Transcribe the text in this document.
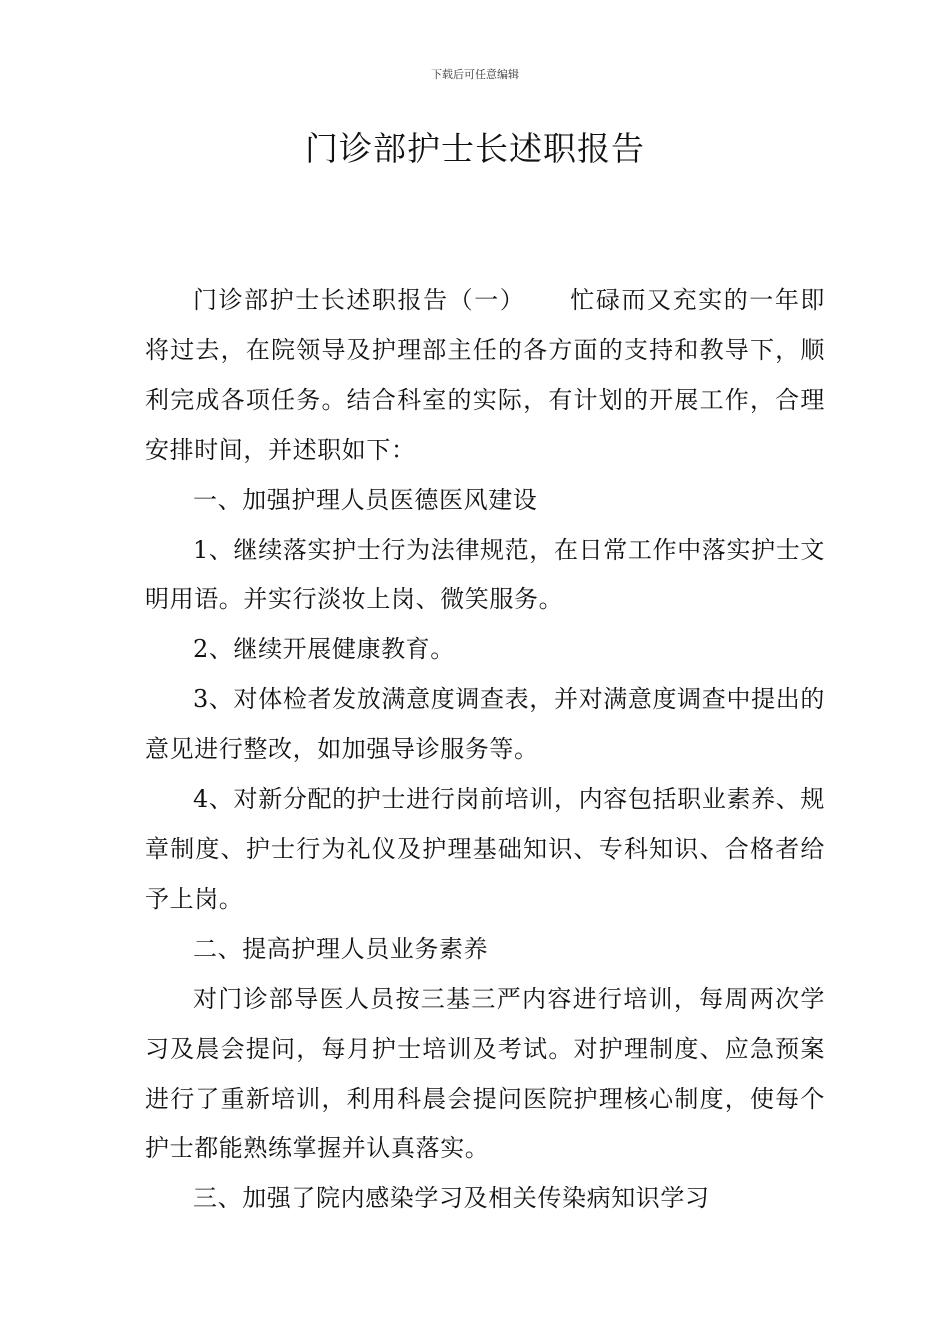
下载后可任意编辑
门诊部护士长述职报告

门诊部护士长述职报告（一） 忙碌而又充实的一年即将过去，在院领导及护理部主任的各方面的支持和教导下，顺利完成各项任务。结合科室的实际，有计划的开展工作，合理安排时间，并述职如下：

一、加强护理人员医德医风建设

1、继续落实护士行为法律规范，在日常工作中落实护士文明用语。并实行淡妆上岗、微笑服务。

2、继续开展健康教育。

3、对体检者发放满意度调查表，并对满意度调查中提出的意见进行整改，如加强导诊服务等。

4、对新分配的护士进行岗前培训，内容包括职业素养、规章制度、护士行为礼仪及护理基础知识、专科知识、合格者给予上岗。

二、提高护理人员业务素养

对门诊部导医人员按三基三严内容进行培训，每周两次学习及晨会提问，每月护士培训及考试。对护理制度、应急预案进行了重新培训，利用科晨会提问医院护理核心制度，使每个护士都能熟练掌握并认真落实。

三、加强了院内感染学习及相关传染病知识学习
